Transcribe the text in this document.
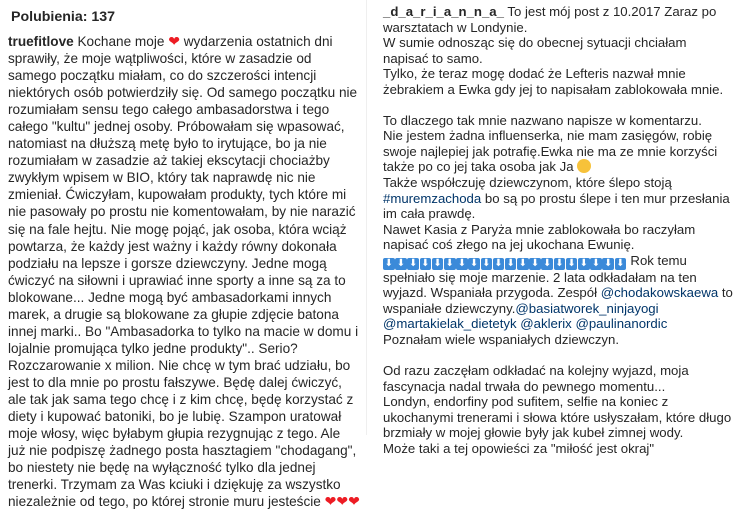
Polubienia: 137
truefitlove Kochane moje ❤ wydarzenia ostatnich dni sprawiły, że moje wątpliwości, które w zasadzie od samego początku miałam, co do szczerości intencji niektórych osób potwierdziły się. Od samego początku nie rozumiałam sensu tego całego ambasadorstwa i tego całego "kultu" jednej osoby. Próbowałam się wpasować, natomiast na dłuższą metę było to irytujące, bo ja nie rozumiałam w zasadzie aż takiej ekscytacji chociażby zwykłym wpisem w BIO, który tak naprawdę nic nie zmieniał. Ćwiczyłam, kupowałam produkty, tych które mi nie pasowały po prostu nie komentowałam, by nie narazić się na fale hejtu. Nie mogę pojąć, jak osoba, która wciąż powtarza, że każdy jest ważny i każdy równy dokonała podziału na lepsze i gorsze dziewczyny. Jedne mogą ćwiczyć na siłowni i uprawiać inne sporty a inne są za to blokowane... Jedne mogą być ambasadorkami innych marek, a drugie są blokowane za głupie zdjęcie batona innej marki.. Bo "Ambasadorka to tylko na macie w domu i lojalnie promująca tylko jedne produkty".. Serio? Rozczarowanie x milion. Nie chcę w tym brać udziału, bo jest to dla mnie po prostu fałszywe. Będę dalej ćwiczyć, ale tak jak sama tego chcę i z kim chcę, będę korzystać z diety i kupować batoniki, bo je lubię. Szampon uratował moje włosy, więc byłabym głupia rezygnując z tego. Ale już nie podpiszę żadnego posta hasztagiem "chodagang", bo niestety nie będę na wyłączność tylko dla jednej trenerki. Trzymam za Was kciuki i dziękuję za wszystko niezależnie od tego, po której stronie muru jesteście ❤❤❤
_d_a_r_i_a_n_n_a_ To jest mój post z 10.2017 Zaraz po
warsztatach w Londynie.
W sumie odnosząc się do obecnej sytuacji chciałam
napisać to samo.
Tylko, że teraz mogę dodać że Lefteris nazwał mnie
żebrakiem a Ewka gdy jej to napisałam zablokowała mnie.
To dlaczego tak mnie nazwano napisze w komentarzu.
Nie jestem żadna influenserka, nie mam zasięgów, robię
swoje najlepiej jak potrafię.Ewka nie ma ze mnie korzyści
także po co jej taka osoba jak Ja
Także współczuję dziewczynom, które ślepo stoją
#muremzachoda bo są po prostu ślepe i ten mur przesłania
im cała prawdę.
Nawet Kasia z Paryża mnie zablokowała bo raczyłam
napisać coś złego na jej ukochana Ewunię.
⬇ ⬇ ⬇ ⬇ ⬇ ⬇ ⬇ ⬇ ⬇ ⬇ ⬇ ⬇ ⬇ ⬇ ⬇ ⬇ ⬇ ⬇ ⬇ ⬇ Rok temu
spełniało się moje marzenie. 2 lata odkładałam na ten
wyjazd. Wspaniała przygoda. Zespół @chodakowskaewa to
wspaniałe dziewczyny.@basiatworek_ninjayogi
@martakielak_dietetyk @aklerix @paulinanordic
Poznałam wiele wspaniałych dziewczyn.
Od razu zaczęłam odkładać na kolejny wyjazd, moja
fascynacja nadal trwała do pewnego momentu...
Londyn, endorfiny pod sufitem, selfie na koniec z
ukochanymi trenerami i słowa które usłyszałam, które długo
brzmiały w mojej głowie były jak kubeł zimnej wody.
Może taki a tej opowieści za "miłość jest okraj"
